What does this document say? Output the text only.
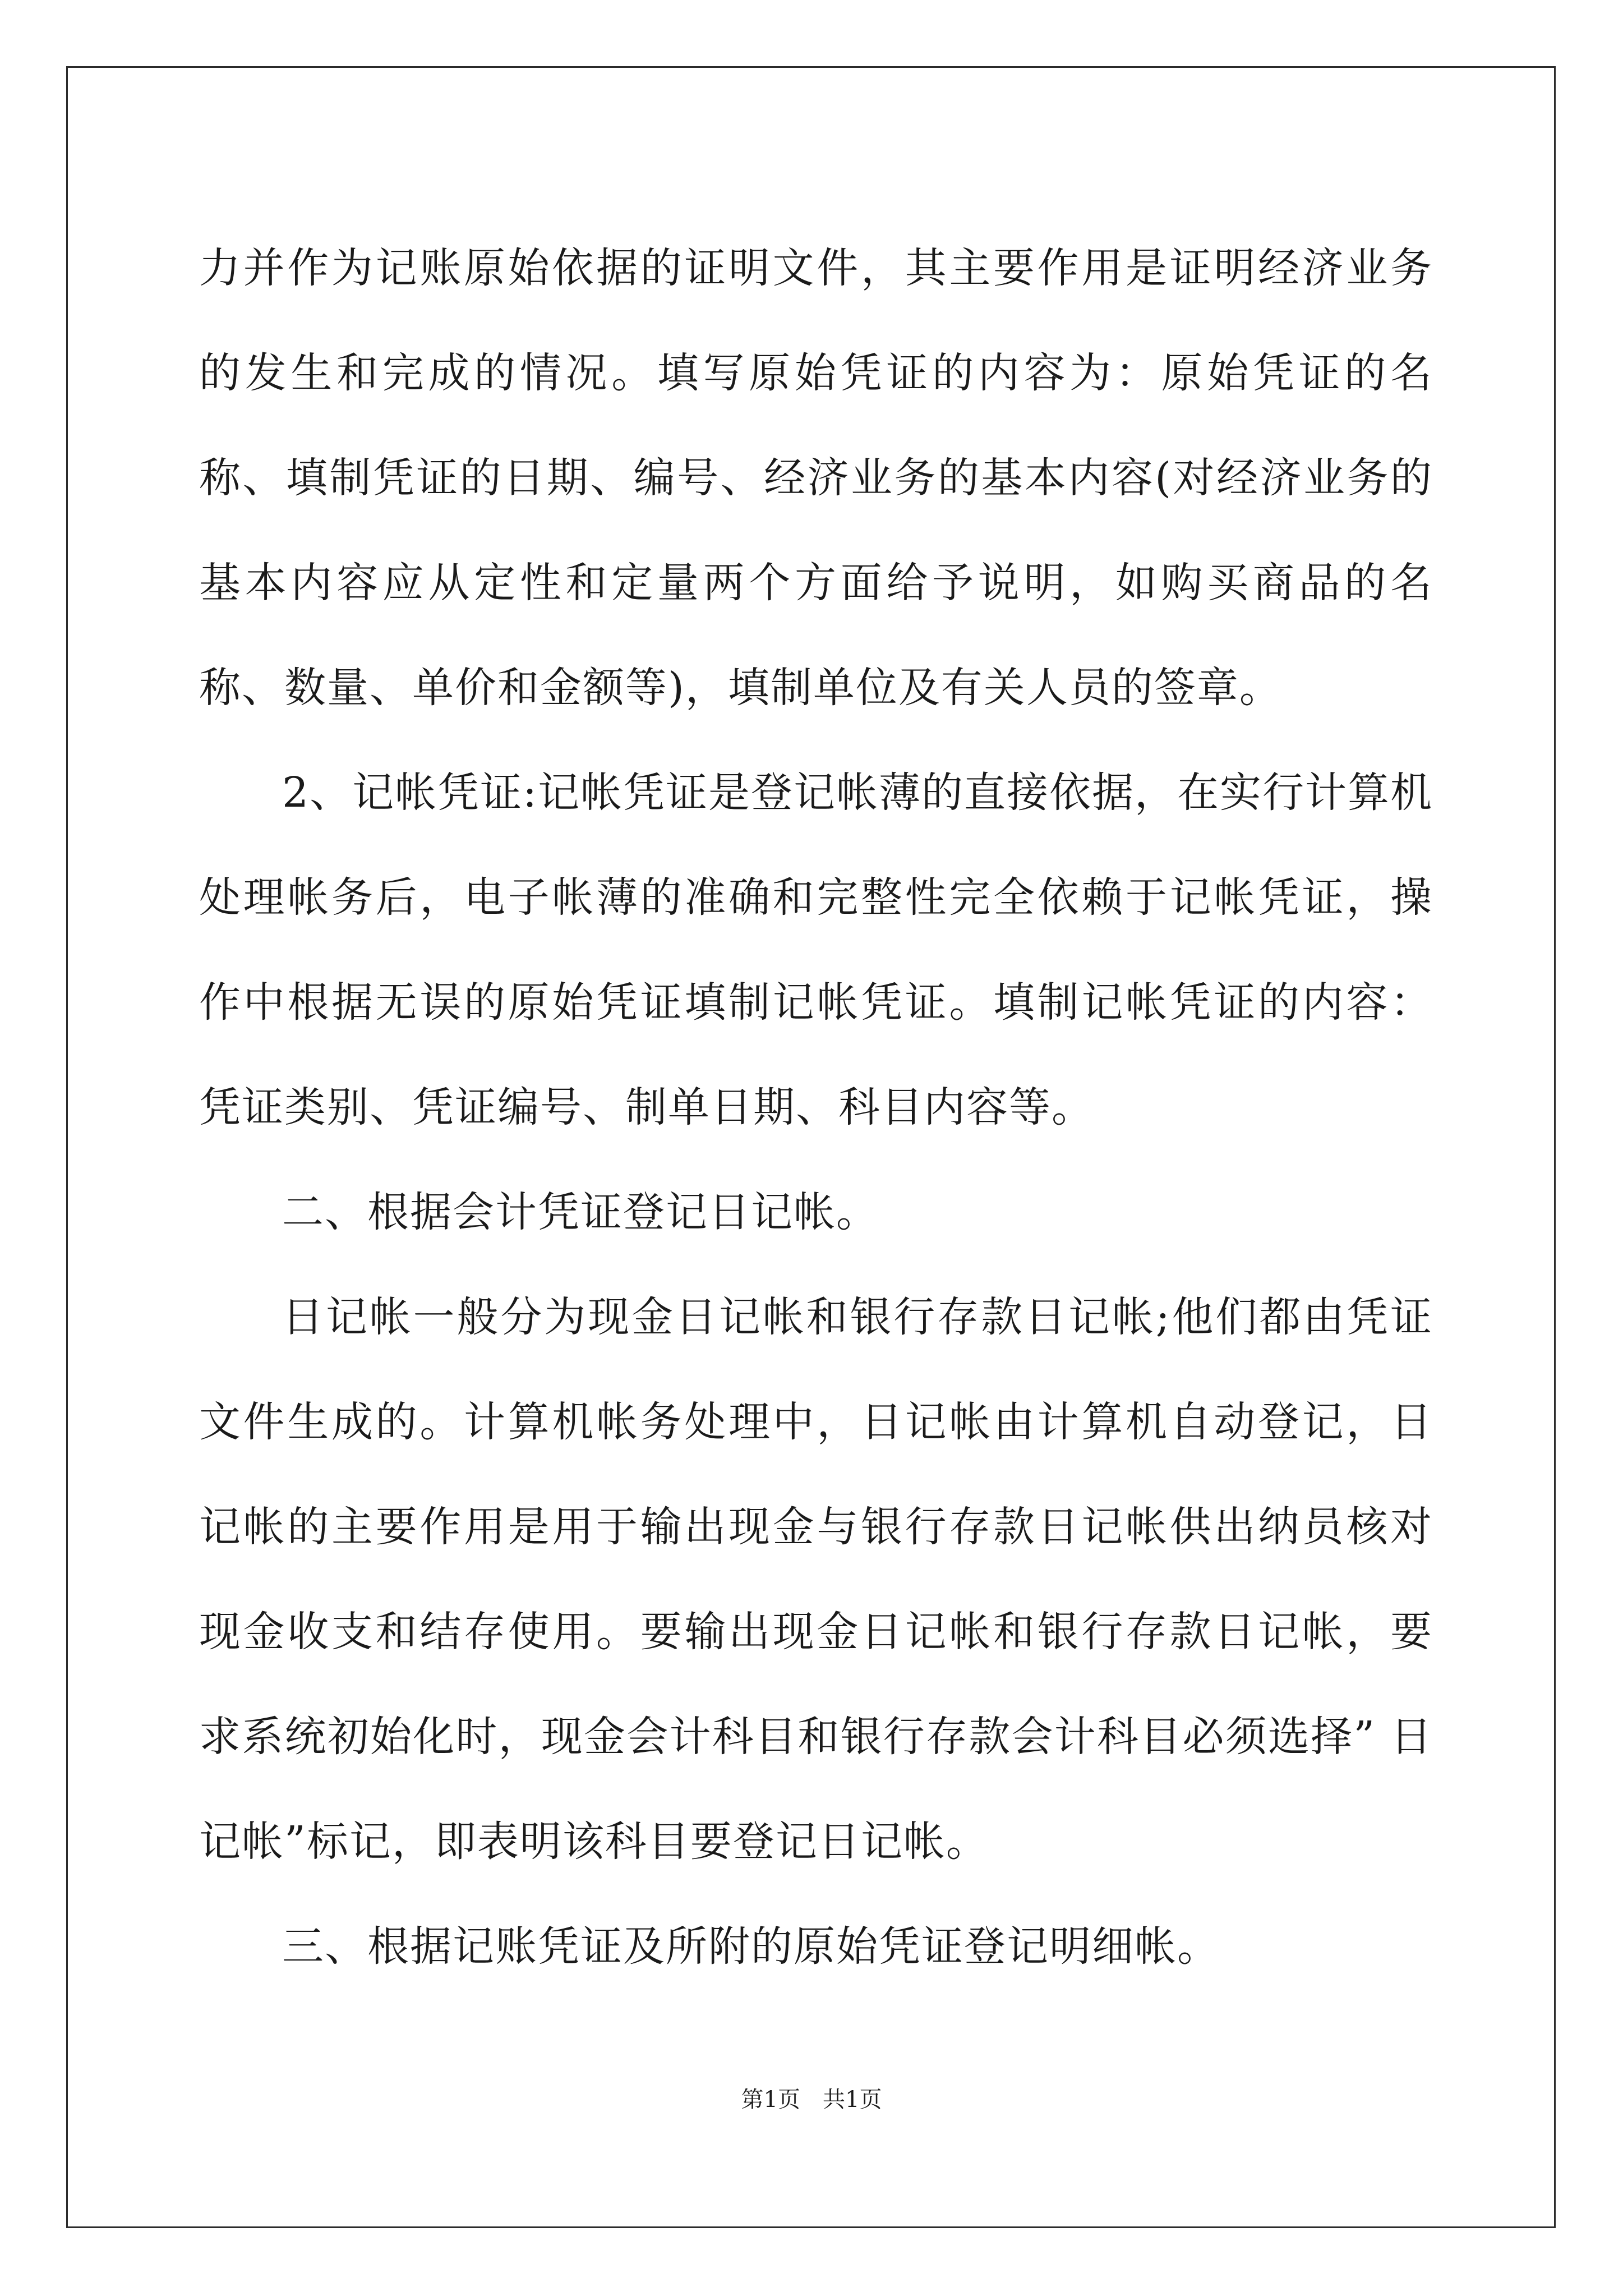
力并作为记账原始依据的证明文件，其主要作用是证明经济业务的发生和完成的情况。填写原始凭证的内容为：原始凭证的名称、填制凭证的日期、编号、经济业务的基本内容(对经济业务的基本内容应从定性和定量两个方面给予说明，如购买商品的名称、数量、单价和金额等)，填制单位及有关人员的签章。

2、记帐凭证:记帐凭证是登记帐薄的直接依据，在实行计算机处理帐务后，电子帐薄的准确和完整性完全依赖于记帐凭证，操作中根据无误的原始凭证填制记帐凭证。填制记帐凭证的内容：凭证类别、凭证编号、制单日期、科目内容等。

二、根据会计凭证登记日记帐。

日记帐一般分为现金日记帐和银行存款日记帐;他们都由凭证文件生成的。计算机帐务处理中，日记帐由计算机自动登记，日记帐的主要作用是用于输出现金与银行存款日记帐供出纳员核对现金收支和结存使用。要输出现金日记帐和银行存款日记帐，要求系统初始化时，现金会计科目和银行存款会计科目必须选择” 日记帐”标记，即表明该科目要登记日记帐。

三、根据记账凭证及所附的原始凭证登记明细帐。

第1页　共1页
